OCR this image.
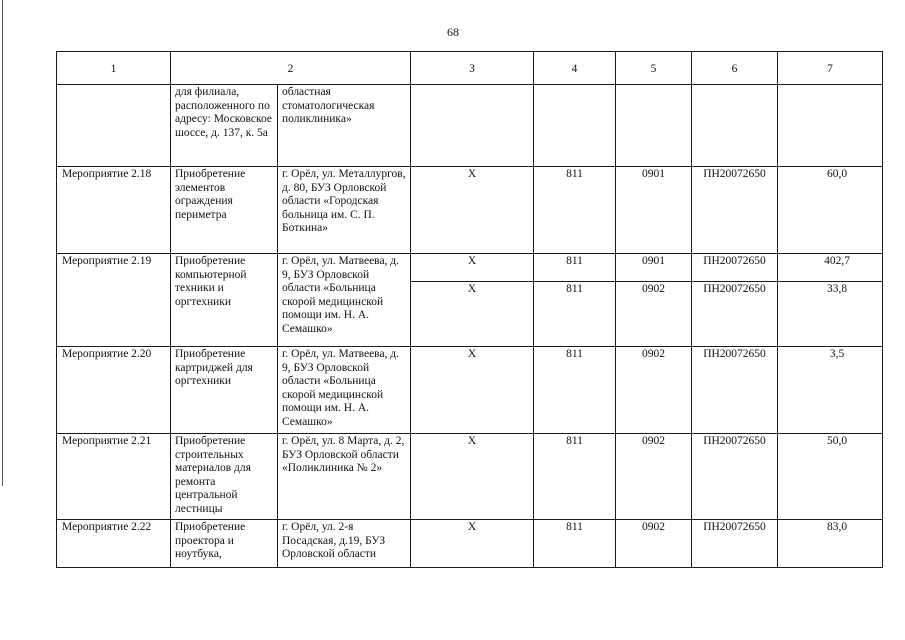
68
1	2		3	4	5	6	7
	для филиала, расположенного по адресу: Московское шоссе, д. 137, к. 5а	областная стоматологическая поликлиника»					
Мероприятие 2.18	Приобретение элементов ограждения периметра	г. Орёл, ул. Металлургов, д. 80, БУЗ Орловской области «Городская больница им. С. П. Боткина»	Х	811	0901	ПН20072650	60,0
Мероприятие 2.19	Приобретение компьютерной техники и оргтехники	г. Орёл, ул. Матвеева, д. 9, БУЗ Орловской области «Больница скорой медицинской помощи им. Н. А. Семашко»	Х	811	0901	ПН20072650	402,7
			Х	811	0902	ПН20072650	33,8
Мероприятие 2.20	Приобретение картриджей для оргтехники	г. Орёл, ул. Матвеева, д. 9, БУЗ Орловской области «Больница скорой медицинской помощи им. Н. А. Семашко»	Х	811	0902	ПН20072650	3,5
Мероприятие 2.21	Приобретение строительных материалов для ремонта центральной лестницы	г. Орёл, ул. 8 Марта, д. 2, БУЗ Орловской области «Поликлиника № 2»	Х	811	0902	ПН20072650	50,0
Мероприятие 2.22	Приобретение проектора и ноутбука,	г. Орёл, ул. 2-я Посадская, д.19, БУЗ Орловской области	Х	811	0902	ПН20072650	83,0
